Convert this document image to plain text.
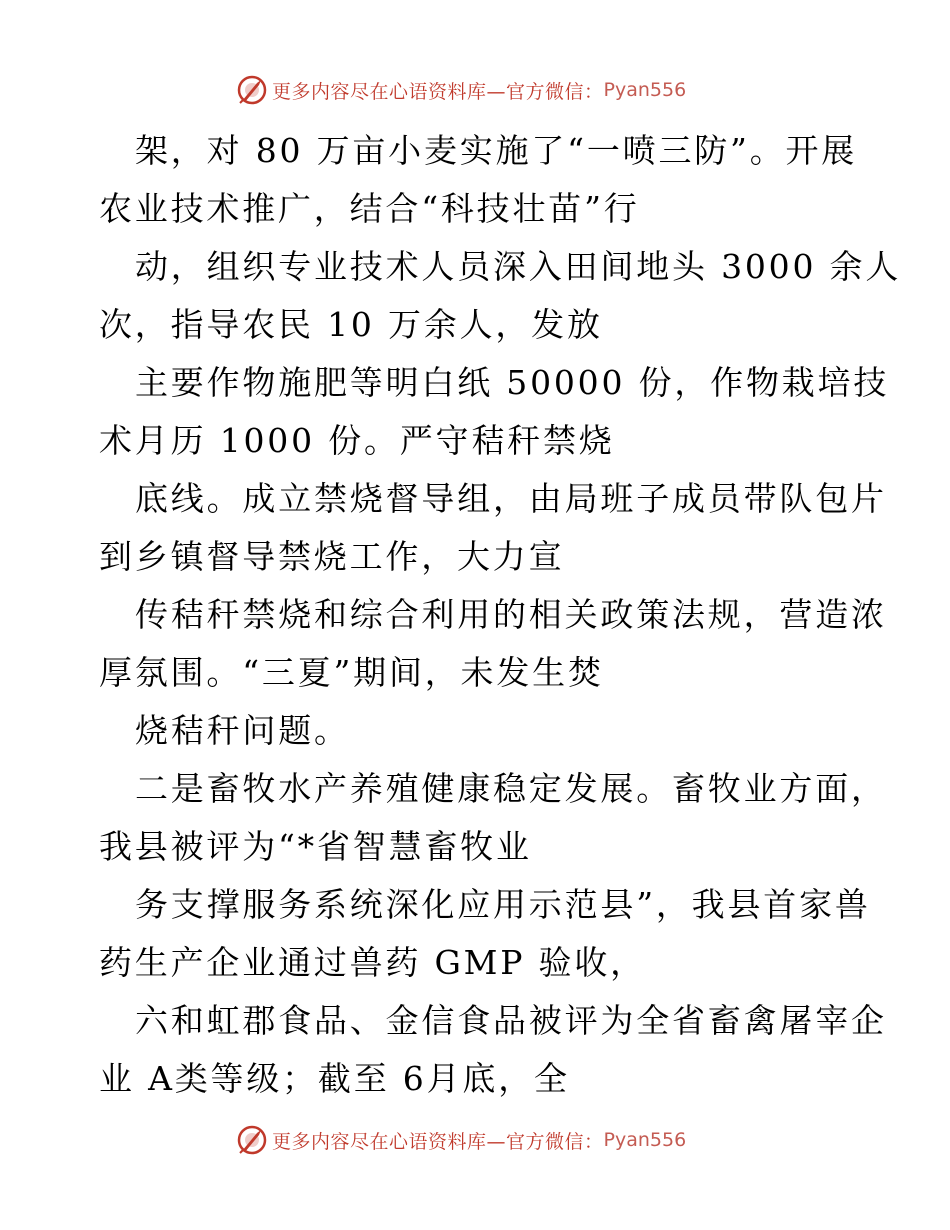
更多内容尽在心语资料库—官方微信： Pyan556
架，对 80 万亩小麦实施了“一喷三防”。开展
农业技术推广，结合“科技壮苗”行
动，组织专业技术人员深入田间地头 3000 余人
次，指导农民 10 万余人，发放
主要作物施肥等明白纸 50000 份，作物栽培技
术月历 1000 份。严守秸秆禁烧
底线。成立禁烧督导组，由局班子成员带队包片
到乡镇督导禁烧工作，大力宣
传秸秆禁烧和综合利用的相关政策法规，营造浓
厚氛围。“三夏”期间，未发生焚
烧秸秆问题。
二是畜牧水产养殖健康稳定发展。畜牧业方面，
我县被评为“*省智慧畜牧业
务支撑服务系统深化应用示范县”，我县首家兽
药生产企业通过兽药 GMP 验收，
六和虹郡食品、金信食品被评为全省畜禽屠宰企
业 A类等级；截至 6月底，全
更多内容尽在心语资料库—官方微信： Pyan556
